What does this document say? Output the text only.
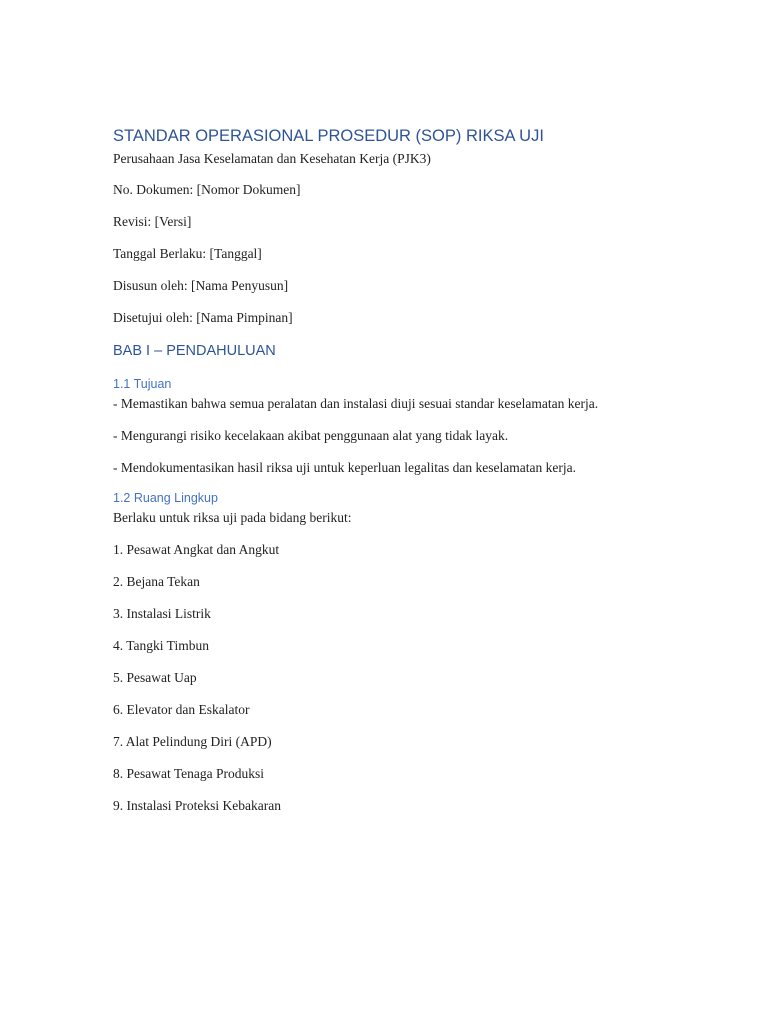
STANDAR OPERASIONAL PROSEDUR (SOP) RIKSA UJI
Perusahaan Jasa Keselamatan dan Kesehatan Kerja (PJK3)
No. Dokumen: [Nomor Dokumen]
Revisi: [Versi]
Tanggal Berlaku: [Tanggal]
Disusun oleh: [Nama Penyusun]
Disetujui oleh: [Nama Pimpinan]
BAB I – PENDAHULUAN
1.1 Tujuan
- Memastikan bahwa semua peralatan dan instalasi diuji sesuai standar keselamatan kerja.
- Mengurangi risiko kecelakaan akibat penggunaan alat yang tidak layak.
- Mendokumentasikan hasil riksa uji untuk keperluan legalitas dan keselamatan kerja.
1.2 Ruang Lingkup
Berlaku untuk riksa uji pada bidang berikut:
1. Pesawat Angkat dan Angkut
2. Bejana Tekan
3. Instalasi Listrik
4. Tangki Timbun
5. Pesawat Uap
6. Elevator dan Eskalator
7. Alat Pelindung Diri (APD)
8. Pesawat Tenaga Produksi
9. Instalasi Proteksi Kebakaran
